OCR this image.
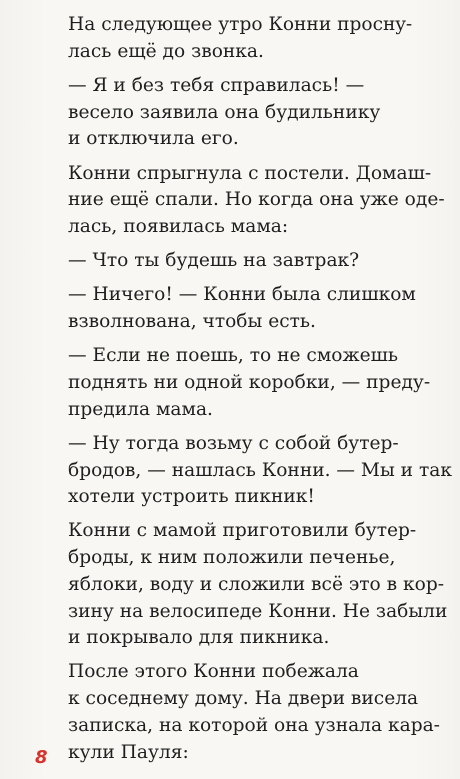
На следующее утро Конни проснy-
лась ещё до звонка.
— Я и без тебя справилась! —
весело заявила она будильнику
и отключила его.
Конни спрыгнула с постели. Домаш-
ние ещё спали. Но когда она уже оде-
лась, появилась мама:
— Что ты будешь на завтрак?
— Ничего! — Конни была слишком
взволнована, чтобы есть.
— Если не поешь, то не сможешь
поднять ни одной коробки, — преду-
предила мама.
— Ну тогда возьму с собой бутер-
бродов, — нашлась Конни. — Мы и так
хотели устроить пикник!
Конни с мамой приготовили бутер-
броды, к ним положили печенье,
яблоки, воду и сложили всё это в кор-
зину на велосипеде Конни. Не забыли
и покрывало для пикника.
После этого Конни побежала
к соседнему дому. На двери висела
записка, на которой она узнала кара-
кули Пауля:
8
